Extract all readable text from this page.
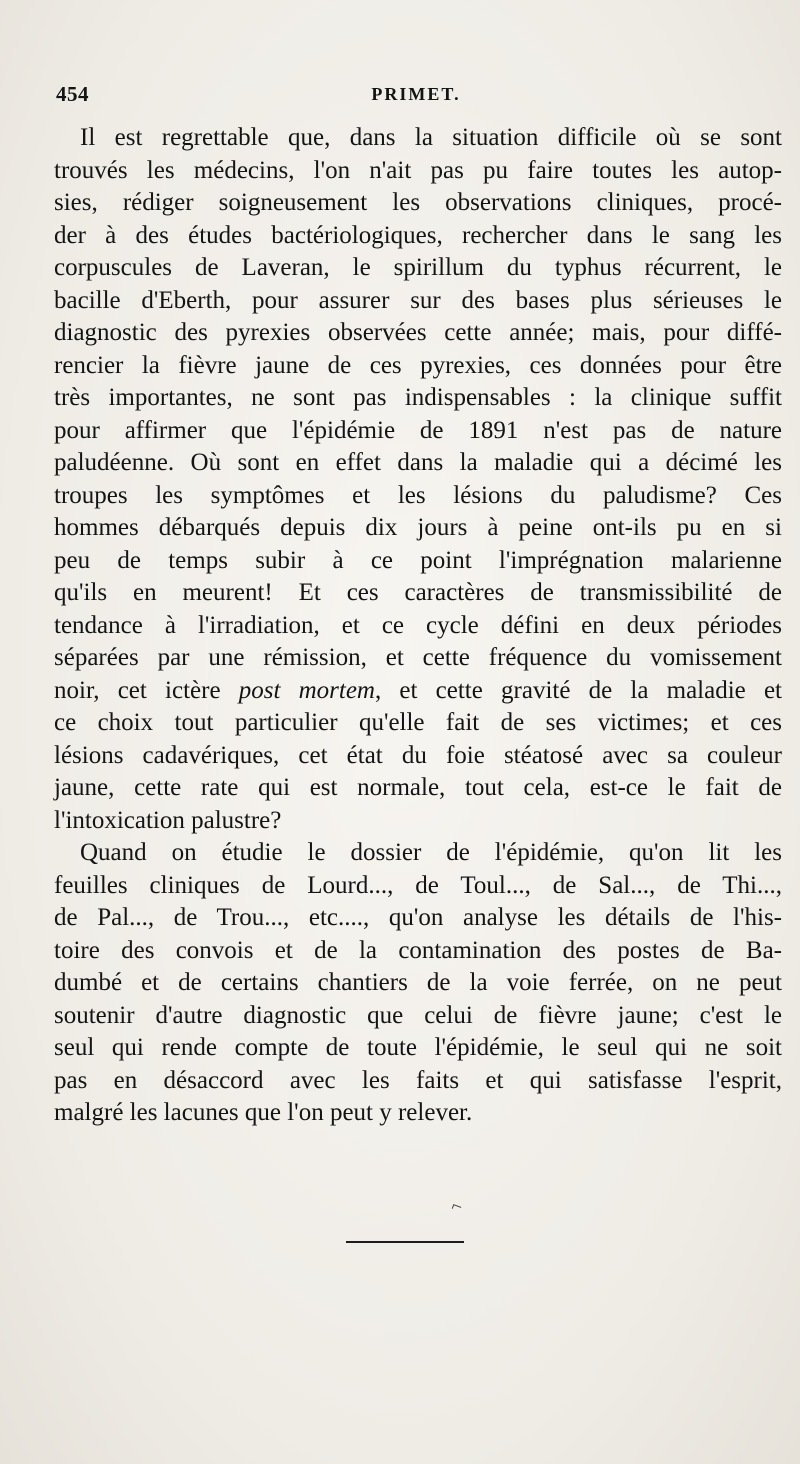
454	PRIMET.

Il est regrettable que, dans la situation difficile où se sont
trouvés les médecins, l'on n'ait pas pu faire toutes les autop-
sies, rédiger soigneusement les observations cliniques, procé-
der à des études bactériologiques, rechercher dans le sang les
corpuscules de Laveran, le spirillum du typhus récurrent, le
bacille d'Eberth, pour assurer sur des bases plus sérieuses le
diagnostic des pyrexies observées cette année; mais, pour diffé-
rencier la fièvre jaune de ces pyrexies, ces données pour être
très importantes, ne sont pas indispensables : la clinique suffit
pour affirmer que l'épidémie de 1891 n'est pas de nature
paludéenne. Où sont en effet dans la maladie qui a décimé les
troupes les symptômes et les lésions du paludisme? Ces
hommes débarqués depuis dix jours à peine ont-ils pu en si
peu de temps subir à ce point l'imprégnation malarienne
qu'ils en meurent! Et ces caractères de transmissibilité de
tendance à l'irradiation, et ce cycle défini en deux périodes
séparées par une rémission, et cette fréquence du vomissement
noir, cet ictère post mortem, et cette gravité de la maladie et
ce choix tout particulier qu'elle fait de ses victimes; et ces
lésions cadavériques, cet état du foie stéatosé avec sa couleur
jaune, cette rate qui est normale, tout cela, est-ce le fait de
l'intoxication palustre?

Quand on étudie le dossier de l'épidémie, qu'on lit les
feuilles cliniques de Lourd..., de Toul..., de Sal..., de Thi...,
de Pal..., de Trou..., etc...., qu'on analyse les détails de l'his-
toire des convois et de la contamination des postes de Ba-
dumbé et de certains chantiers de la voie ferrée, on ne peut
soutenir d'autre diagnostic que celui de fièvre jaune; c'est le
seul qui rende compte de toute l'épidémie, le seul qui ne soit
pas en désaccord avec les faits et qui satisfasse l'esprit,
malgré les lacunes que l'on peut y relever.

⌐
